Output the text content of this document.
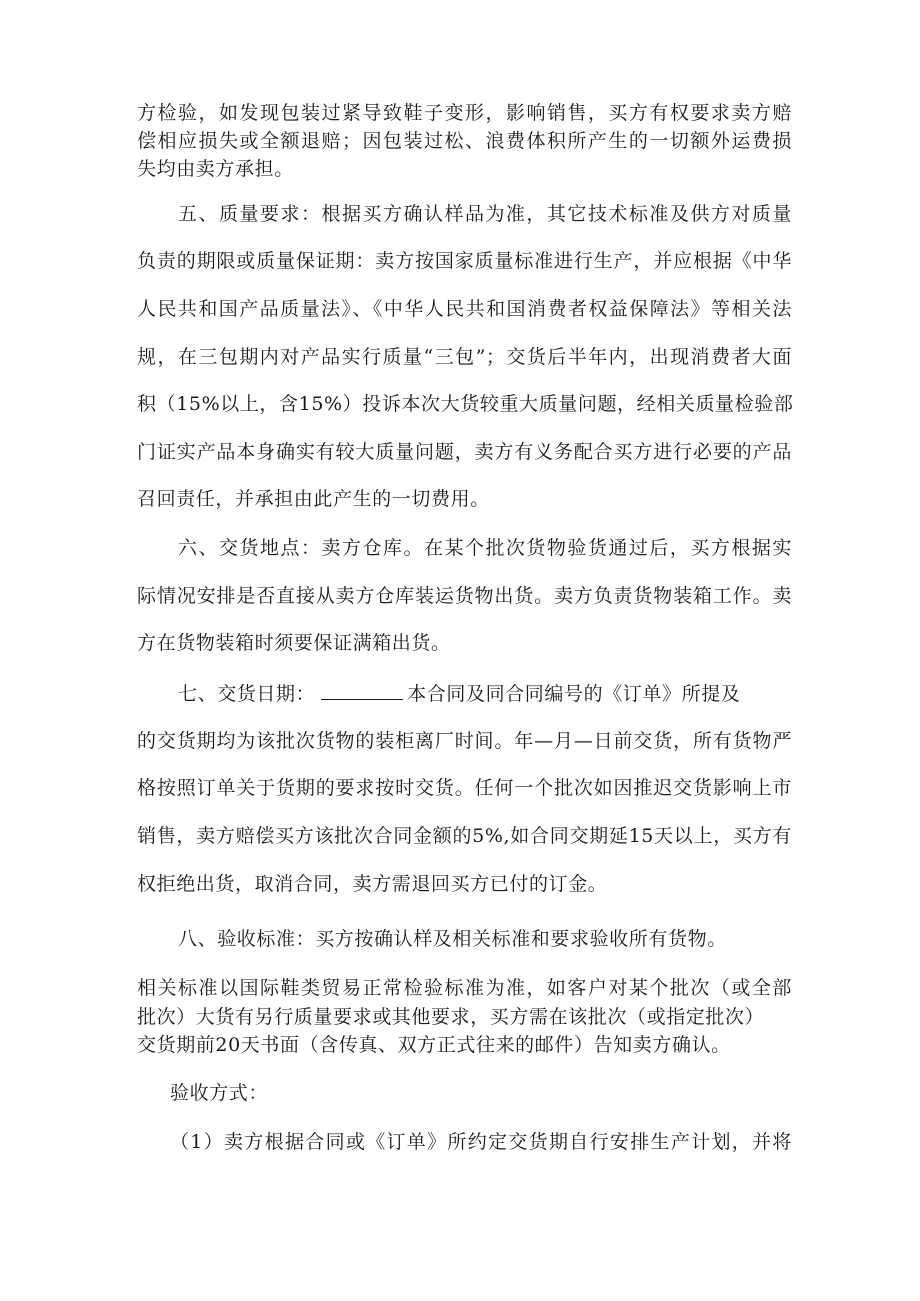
方检验，如发现包装过紧导致鞋子变形，影响销售，买方有权要求卖方赔
偿相应损失或全额退赔；因包装过松、浪费体积所产生的一切额外运费损
失均由卖方承担。
五、质量要求：根据买方确认样品为准，其它技术标准及供方对质量
负责的期限或质量保证期：卖方按国家质量标准进行生产，并应根据《中华
人民共和国产品质量法》、《中华人民共和国消费者权益保障法》等相关法
规，在三包期内对产品实行质量“三包”；交货后半年内，出现消费者大面
积（15%以上，含15%）投诉本次大货较重大质量问题，经相关质量检验部
门证实产品本身确实有较大质量问题，卖方有义务配合买方进行必要的产品
召回责任，并承担由此产生的一切费用。
六、交货地点：卖方仓库。在某个批次货物验货通过后，买方根据实
际情况安排是否直接从卖方仓库装运货物出货。卖方负责货物装箱工作。卖
方在货物装箱时须要保证满箱出货。
七、交货日期：	本合同及同合同编号的《订单》所提及
的交货期均为该批次货物的装柜离厂时间。年—月—日前交货，所有货物严
格按照订单关于货期的要求按时交货。任何一个批次如因推迟交货影响上市
销售，卖方赔偿买方该批次合同金额的5%,如合同交期延15天以上，买方有
权拒绝出货，取消合同，卖方需退回买方已付的订金。
八、验收标准：买方按确认样及相关标准和要求验收所有货物。
相关标准以国际鞋类贸易正常检验标准为准，如客户对某个批次（或全部
批次）大货有另行质量要求或其他要求，买方需在该批次（或指定批次）
交货期前20天书面（含传真、双方正式往来的邮件）告知卖方确认。
验收方式：
（1）卖方根据合同或《订单》所约定交货期自行安排生产计划，并将
